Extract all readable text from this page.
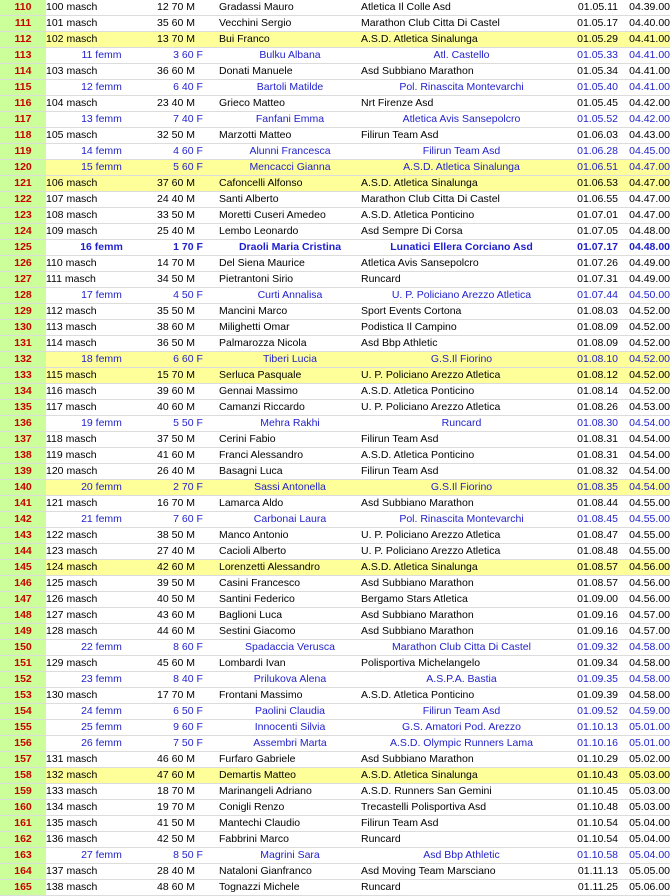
110	100 masch	12 70 M	Gradassi Mauro	Atletica Il Colle Asd	01.05.11	04.39.00
111	101 masch	35 60 M	Vecchini Sergio	Marathon Club Citta Di Castel	01.05.17	04.40.00
112	102 masch	13 70 M	Bui Franco	A.S.D. Atletica Sinalunga	01.05.29	04.41.00
113	11 femm	3 60 F	Bulku Albana	Atl. Castello	01.05.33	04.41.00
114	103 masch	36 60 M	Donati Manuele	Asd Subbiano Marathon	01.05.34	04.41.00
115	12 femm	6 40 F	Bartoli Matilde	Pol. Rinascita Montevarchi	01.05.40	04.41.00
116	104 masch	23 40 M	Grieco Matteo	Nrt Firenze Asd	01.05.45	04.42.00
117	13 femm	7 40 F	Fanfani Emma	Atletica Avis Sansepolcro	01.05.52	04.42.00
118	105 masch	32 50 M	Marzotti Matteo	Filirun Team Asd	01.06.03	04.43.00
119	14 femm	4 60 F	Alunni Francesca	Filirun Team Asd	01.06.28	04.45.00
120	15 femm	5 60 F	Mencacci Gianna	A.S.D. Atletica Sinalunga	01.06.51	04.47.00
121	106 masch	37 60 M	Cafoncelli Alfonso	A.S.D. Atletica Sinalunga	01.06.53	04.47.00
122	107 masch	24 40 M	Santi Alberto	Marathon Club Citta Di Castel	01.06.55	04.47.00
123	108 masch	33 50 M	Moretti Cuseri Amedeo	A.S.D. Atletica Ponticino	01.07.01	04.47.00
124	109 masch	25 40 M	Lembo Leonardo	Asd Sempre Di Corsa	01.07.05	04.48.00
125	16 femm	1 70 F	Draoli Maria Cristina	Lunatici Ellera Corciano Asd	01.07.17	04.48.00
126	110 masch	14 70 M	Del Siena Maurice	Atletica Avis Sansepolcro	01.07.26	04.49.00
127	111 masch	34 50 M	Pietrantoni Sirio	Runcard	01.07.31	04.49.00
128	17 femm	4 50 F	Curti Annalisa	U. P. Policiano Arezzo Atletica	01.07.44	04.50.00
129	112 masch	35 50 M	Mancini Marco	Sport Events Cortona	01.08.03	04.52.00
130	113 masch	38 60 M	Milighetti Omar	Podistica Il Campino	01.08.09	04.52.00
131	114 masch	36 50 M	Palmarozza Nicola	Asd Bbp Athletic	01.08.09	04.52.00
132	18 femm	6 60 F	Tiberi Lucia	G.S.Il Fiorino	01.08.10	04.52.00
133	115 masch	15 70 M	Serluca Pasquale	U. P. Policiano Arezzo Atletica	01.08.12	04.52.00
134	116 masch	39 60 M	Gennai Massimo	A.S.D. Atletica Ponticino	01.08.14	04.52.00
135	117 masch	40 60 M	Camanzi Riccardo	U. P. Policiano Arezzo Atletica	01.08.26	04.53.00
136	19 femm	5 50 F	Mehra Rakhi	Runcard	01.08.30	04.54.00
137	118 masch	37 50 M	Cerini Fabio	Filirun Team Asd	01.08.31	04.54.00
138	119 masch	41 60 M	Franci Alessandro	A.S.D. Atletica Ponticino	01.08.31	04.54.00
139	120 masch	26 40 M	Basagni Luca	Filirun Team Asd	01.08.32	04.54.00
140	20 femm	2 70 F	Sassi Antonella	G.S.Il Fiorino	01.08.35	04.54.00
141	121 masch	16 70 M	Lamarca Aldo	Asd Subbiano Marathon	01.08.44	04.55.00
142	21 femm	7 60 F	Carbonai Laura	Pol. Rinascita Montevarchi	01.08.45	04.55.00
143	122 masch	38 50 M	Manco Antonio	U. P. Policiano Arezzo Atletica	01.08.47	04.55.00
144	123 masch	27 40 M	Cacioli Alberto	U. P. Policiano Arezzo Atletica	01.08.48	04.55.00
145	124 masch	42 60 M	Lorenzetti Alessandro	A.S.D. Atletica Sinalunga	01.08.57	04.56.00
146	125 masch	39 50 M	Casini Francesco	Asd Subbiano Marathon	01.08.57	04.56.00
147	126 masch	40 50 M	Santini Federico	Bergamo Stars Atletica	01.09.00	04.56.00
148	127 masch	43 60 M	Baglioni Luca	Asd Subbiano Marathon	01.09.16	04.57.00
149	128 masch	44 60 M	Sestini Giacomo	Asd Subbiano Marathon	01.09.16	04.57.00
150	22 femm	8 60 F	Spadaccia Verusca	Marathon Club Citta Di Castel	01.09.32	04.58.00
151	129 masch	45 60 M	Lombardi Ivan	Polisportiva Michelangelo	01.09.34	04.58.00
152	23 femm	8 40 F	Prilukova Alena	A.S.P.A. Bastia	01.09.35	04.58.00
153	130 masch	17 70 M	Frontani Massimo	A.S.D. Atletica Ponticino	01.09.39	04.58.00
154	24 femm	6 50 F	Paolini Claudia	Filirun Team Asd	01.09.52	04.59.00
155	25 femm	9 60 F	Innocenti Silvia	G.S. Amatori Pod. Arezzo	01.10.13	05.01.00
156	26 femm	7 50 F	Assembri Marta	A.S.D. Olympic Runners Lama	01.10.16	05.01.00
157	131 masch	46 60 M	Furfaro Gabriele	Asd Subbiano Marathon	01.10.29	05.02.00
158	132 masch	47 60 M	Demartis Matteo	A.S.D. Atletica Sinalunga	01.10.43	05.03.00
159	133 masch	18 70 M	Marinangeli Adriano	A.S.D. Runners San Gemini	01.10.45	05.03.00
160	134 masch	19 70 M	Conigli Renzo	Trecastelli Polisportiva Asd	01.10.48	05.03.00
161	135 masch	41 50 M	Mantechi Claudio	Filirun Team Asd	01.10.54	05.04.00
162	136 masch	42 50 M	Fabbrini Marco	Runcard	01.10.54	05.04.00
163	27 femm	8 50 F	Magrini Sara	Asd Bbp Athletic	01.10.58	05.04.00
164	137 masch	28 40 M	Nataloni Gianfranco	Asd Moving Team Marsciano	01.11.13	05.05.00
165	138 masch	48 60 M	Tognazzi Michele	Runcard	01.11.25	05.06.00
